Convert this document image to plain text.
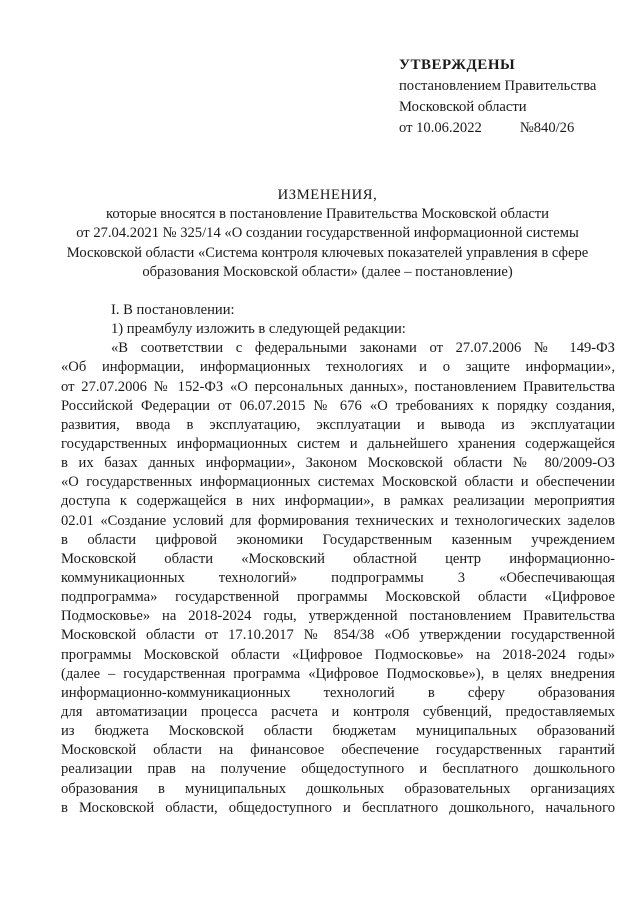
УТВЕРЖДЕНЫ
постановлением Правительства
Московской области
от 10.06.2022	№840/26
ИЗМЕНЕНИЯ,
которые вносятся в постановление Правительства Московской области
от 27.04.2021 № 325/14 «О создании государственной информационной системы
Московской области «Система контроля ключевых показателей управления в сфере
образования Московской области» (далее – постановление)
I. В постановлении:
1) преамбулу изложить в следующей редакции:
«В соответствии с федеральными законами от 27.07.2006 № 149-ФЗ
«Об информации, информационных технологиях и о защите информации»,
от 27.07.2006 № 152-ФЗ «О персональных данных», постановлением Правительства
Российской Федерации от 06.07.2015 № 676 «О требованиях к порядку создания,
развития, ввода в эксплуатацию, эксплуатации и вывода из эксплуатации
государственных информационных систем и дальнейшего хранения содержащейся
в их базах данных информации», Законом Московской области № 80/2009-ОЗ
«О государственных информационных системах Московской области и обеспечении
доступа к содержащейся в них информации», в рамках реализации мероприятия
02.01 «Создание условий для формирования технических и технологических заделов
в области цифровой экономики Государственным казенным учреждением
Московской области «Московский областной центр информационно-
коммуникационных технологий» подпрограммы 3 «Обеспечивающая
подпрограмма» государственной программы Московской области «Цифровое
Подмосковье» на 2018-2024 годы, утвержденной постановлением Правительства
Московской области от 17.10.2017 № 854/38 «Об утверждении государственной
программы Московской области «Цифровое Подмосковье» на 2018-2024 годы»
(далее – государственная программа «Цифровое Подмосковье»), в целях внедрения
информационно-коммуникационных технологий в сферу образования
для автоматизации процесса расчета и контроля субвенций, предоставляемых
из бюджета Московской области бюджетам муниципальных образований
Московской области на финансовое обеспечение государственных гарантий
реализации прав на получение общедоступного и бесплатного дошкольного
образования в муниципальных дошкольных образовательных организациях
в Московской области, общедоступного и бесплатного дошкольного, начального
